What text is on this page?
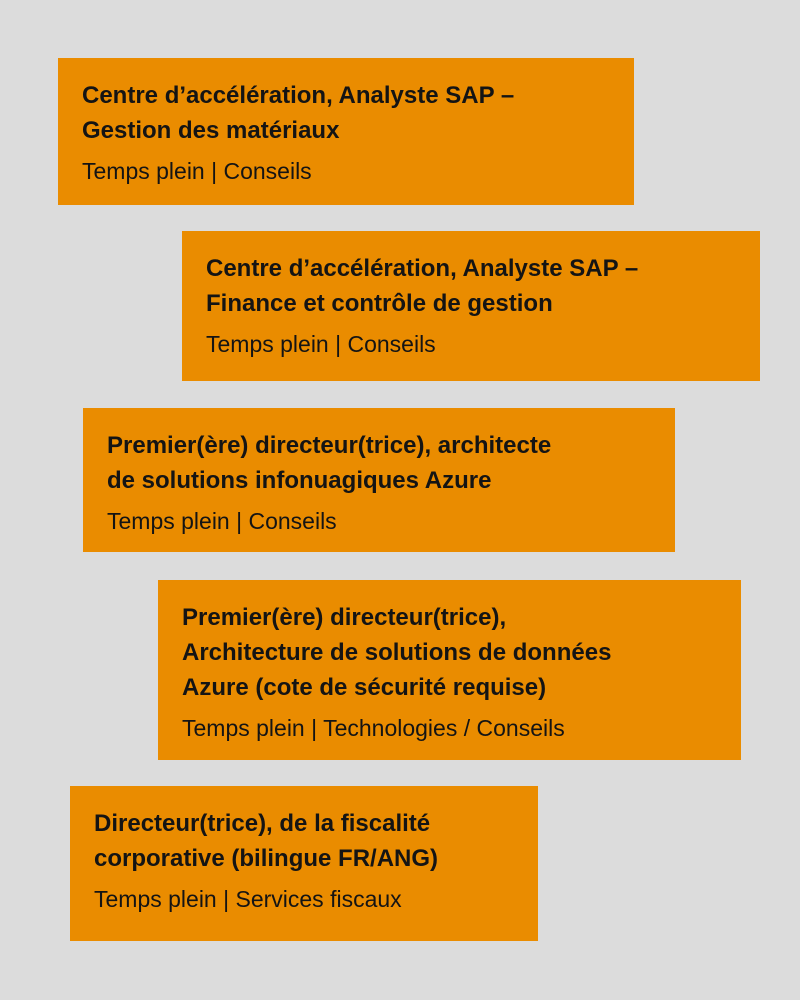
Centre d’accélération, Analyste SAP –
Gestion des matériaux
Temps plein | Conseils
Centre d’accélération, Analyste SAP –
Finance et contrôle de gestion
Temps plein | Conseils
Premier(ère) directeur(trice), architecte
de solutions infonuagiques Azure
Temps plein | Conseils
Premier(ère) directeur(trice),
Architecture de solutions de données
Azure (cote de sécurité requise)
Temps plein | Technologies / Conseils
Directeur(trice), de la fiscalité
corporative (bilingue FR/ANG)
Temps plein | Services fiscaux
